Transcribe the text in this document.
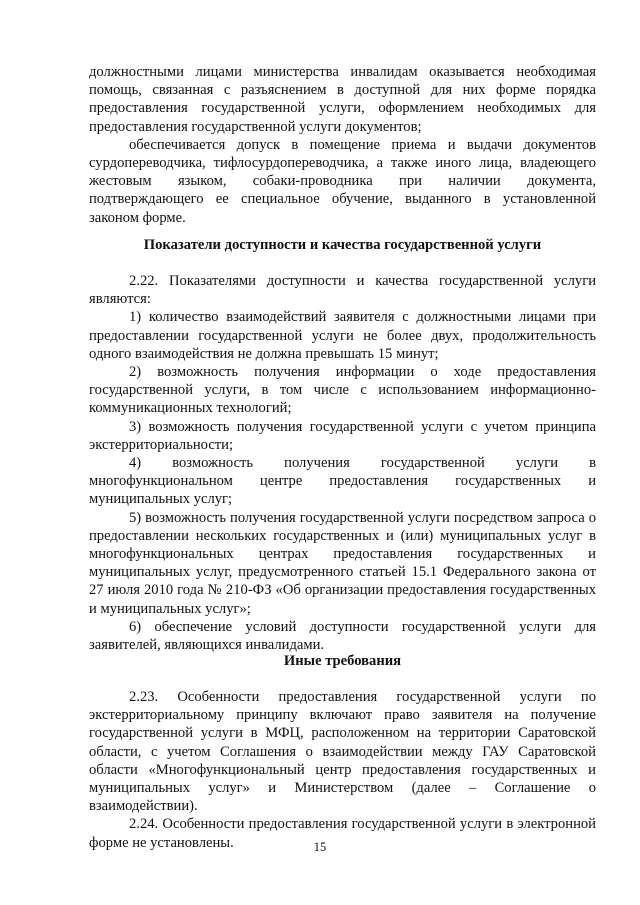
должностными лицами министерства инвалидам оказывается необходимая помощь, связанная с разъяснением в доступной для них форме порядка предоставления государственной услуги, оформлением необходимых для предоставления государственной услуги документов;

обеспечивается допуск в помещение приема и выдачи документов сурдопереводчика, тифлосурдопереводчика, а также иного лица, владеющего жестовым языком, собаки-проводника при наличии документа, подтверждающего ее специальное обучение, выданного в установленной законом форме.

Показатели доступности и качества государственной услуги

2.22. Показателями доступности и качества государственной услуги являются:

1) количество взаимодействий заявителя с должностными лицами при предоставлении государственной услуги не более двух, продолжительность одного взаимодействия не должна превышать 15 минут;

2) возможность получения информации о ходе предоставления государственной услуги, в том числе с использованием информационно-коммуникационных технологий;

3) возможность получения государственной услуги с учетом принципа экстерриториальности;

4) возможность получения государственной услуги в многофункциональном центре предоставления государственных и муниципальных услуг;

5) возможность получения государственной услуги посредством запроса о предоставлении нескольких государственных и (или) муниципальных услуг в многофункциональных центрах предоставления государственных и муниципальных услуг, предусмотренного статьей 15.1 Федерального закона от 27 июля 2010 года № 210-ФЗ «Об организации предоставления государственных и муниципальных услуг»;

6) обеспечение условий доступности государственной услуги для заявителей, являющихся инвалидами.

Иные требования

2.23. Особенности предоставления государственной услуги по экстерриториальному принципу включают право заявителя на получение государственной услуги в МФЦ, расположенном на территории Саратовской области, с учетом Соглашения о взаимодействии между ГАУ Саратовской области «Многофункциональный центр предоставления государственных и муниципальных услуг» и Министерством (далее – Соглашение о взаимодействии).

2.24. Особенности предоставления государственной услуги в электронной форме не установлены.	15
